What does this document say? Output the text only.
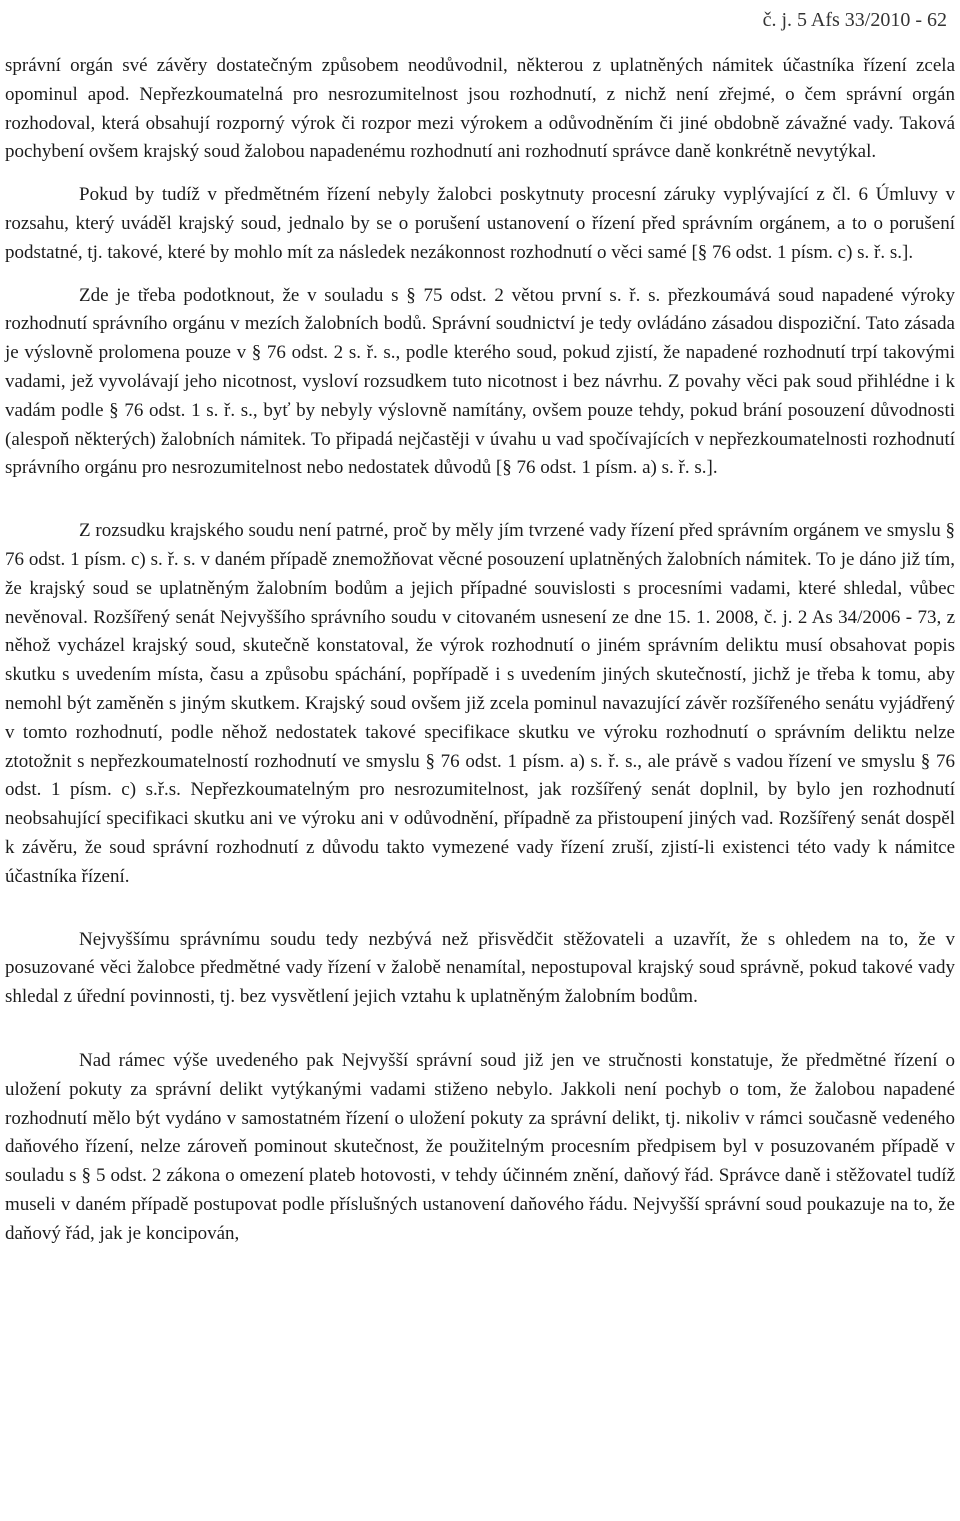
č. j. 5 Afs 33/2010 - 62

správní orgán své závěry dostatečným způsobem neodůvodnil, některou z uplatněných námitek účastníka řízení zcela opominul apod. Nepřezkoumatelná pro nesrozumitelnost jsou rozhodnutí, z nichž není zřejmé, o čem správní orgán rozhodoval, která obsahují rozporný výrok či rozpor mezi výrokem a odůvodněním či jiné obdobně závažné vady. Taková pochybení ovšem krajský soud žalobou napadenému rozhodnutí ani rozhodnutí správce daně konkrétně nevytýkal.

Pokud by tudíž v předmětném řízení nebyly žalobci poskytnuty procesní záruky vyplývající z čl. 6 Úmluvy v rozsahu, který uváděl krajský soud, jednalo by se o porušení ustanovení o řízení před správním orgánem, a to o porušení podstatné, tj. takové, které by mohlo mít za následek nezákonnost rozhodnutí o věci samé [§ 76 odst. 1 písm. c) s. ř. s.].

Zde je třeba podotknout, že v souladu s § 75 odst. 2 větou první s. ř. s. přezkoumává soud napadené výroky rozhodnutí správního orgánu v mezích žalobních bodů. Správní soudnictví je tedy ovládáno zásadou dispoziční. Tato zásada je výslovně prolomena pouze v § 76 odst. 2 s. ř. s., podle kterého soud, pokud zjistí, že napadené rozhodnutí trpí takovými vadami, jež vyvolávají jeho nicotnost, vysloví rozsudkem tuto nicotnost i bez návrhu. Z povahy věci pak soud přihlédne i k vadám podle § 76 odst. 1 s. ř. s., byť by nebyly výslovně namítány, ovšem pouze tehdy, pokud brání posouzení důvodnosti (alespoň některých) žalobních námitek. To připadá nejčastěji v úvahu u vad spočívajících v nepřezkoumatelnosti rozhodnutí správního orgánu pro nesrozumitelnost nebo nedostatek důvodů [§ 76 odst. 1 písm. a) s. ř. s.].

Z rozsudku krajského soudu není patrné, proč by měly jím tvrzené vady řízení před správním orgánem ve smyslu § 76 odst. 1 písm. c) s. ř. s. v daném případě znemožňovat věcné posouzení uplatněných žalobních námitek. To je dáno již tím, že krajský soud se uplatněným žalobním bodům a jejich případné souvislosti s procesními vadami, které shledal, vůbec nevěnoval. Rozšířený senát Nejvyššího správního soudu v citovaném usnesení ze dne 15. 1. 2008, č. j. 2 As 34/2006 - 73, z něhož vycházel krajský soud, skutečně konstatoval, že výrok rozhodnutí o jiném správním deliktu musí obsahovat popis skutku s uvedením místa, času a způsobu spáchání, popřípadě i s uvedením jiných skutečností, jichž je třeba k tomu, aby nemohl být zaměněn s jiným skutkem. Krajský soud ovšem již zcela pominul navazující závěr rozšířeného senátu vyjádřený v tomto rozhodnutí, podle něhož nedostatek takové specifikace skutku ve výroku rozhodnutí o správním deliktu nelze ztotožnit s nepřezkoumatelností rozhodnutí ve smyslu § 76 odst. 1 písm. a) s. ř. s., ale právě s vadou řízení ve smyslu § 76 odst. 1 písm. c) s.ř.s. Nepřezkoumatelným pro nesrozumitelnost, jak rozšířený senát doplnil, by bylo jen rozhodnutí neobsahující specifikaci skutku ani ve výroku ani v odůvodnění, případně za přistoupení jiných vad. Rozšířený senát dospěl k závěru, že soud správní rozhodnutí z důvodu takto vymezené vady řízení zruší, zjistí-li existenci této vady k námitce účastníka řízení.

Nejvyššímu správnímu soudu tedy nezbývá než přisvědčit stěžovateli a uzavřít, že s ohledem na to, že v posuzované věci žalobce předmětné vady řízení v žalobě nenamítal, nepostupoval krajský soud správně, pokud takové vady shledal z úřední povinnosti, tj. bez vysvětlení jejich vztahu k uplatněným žalobním bodům.

Nad rámec výše uvedeného pak Nejvyšší správní soud již jen ve stručnosti konstatuje, že předmětné řízení o uložení pokuty za správní delikt vytýkanými vadami stiženo nebylo. Jakkoli není pochyb o tom, že žalobou napadené rozhodnutí mělo být vydáno v samostatném řízení o uložení pokuty za správní delikt, tj. nikoliv v rámci současně vedeného daňového řízení, nelze zároveň pominout skutečnost, že použitelným procesním předpisem byl v posuzovaném případě v souladu s § 5 odst. 2 zákona o omezení plateb hotovosti, v tehdy účinném znění, daňový řád. Správce daně i stěžovatel tudíž museli v daném případě postupovat podle příslušných ustanovení daňového řádu. Nejvyšší správní soud poukazuje na to, že daňový řád, jak je koncipován,
